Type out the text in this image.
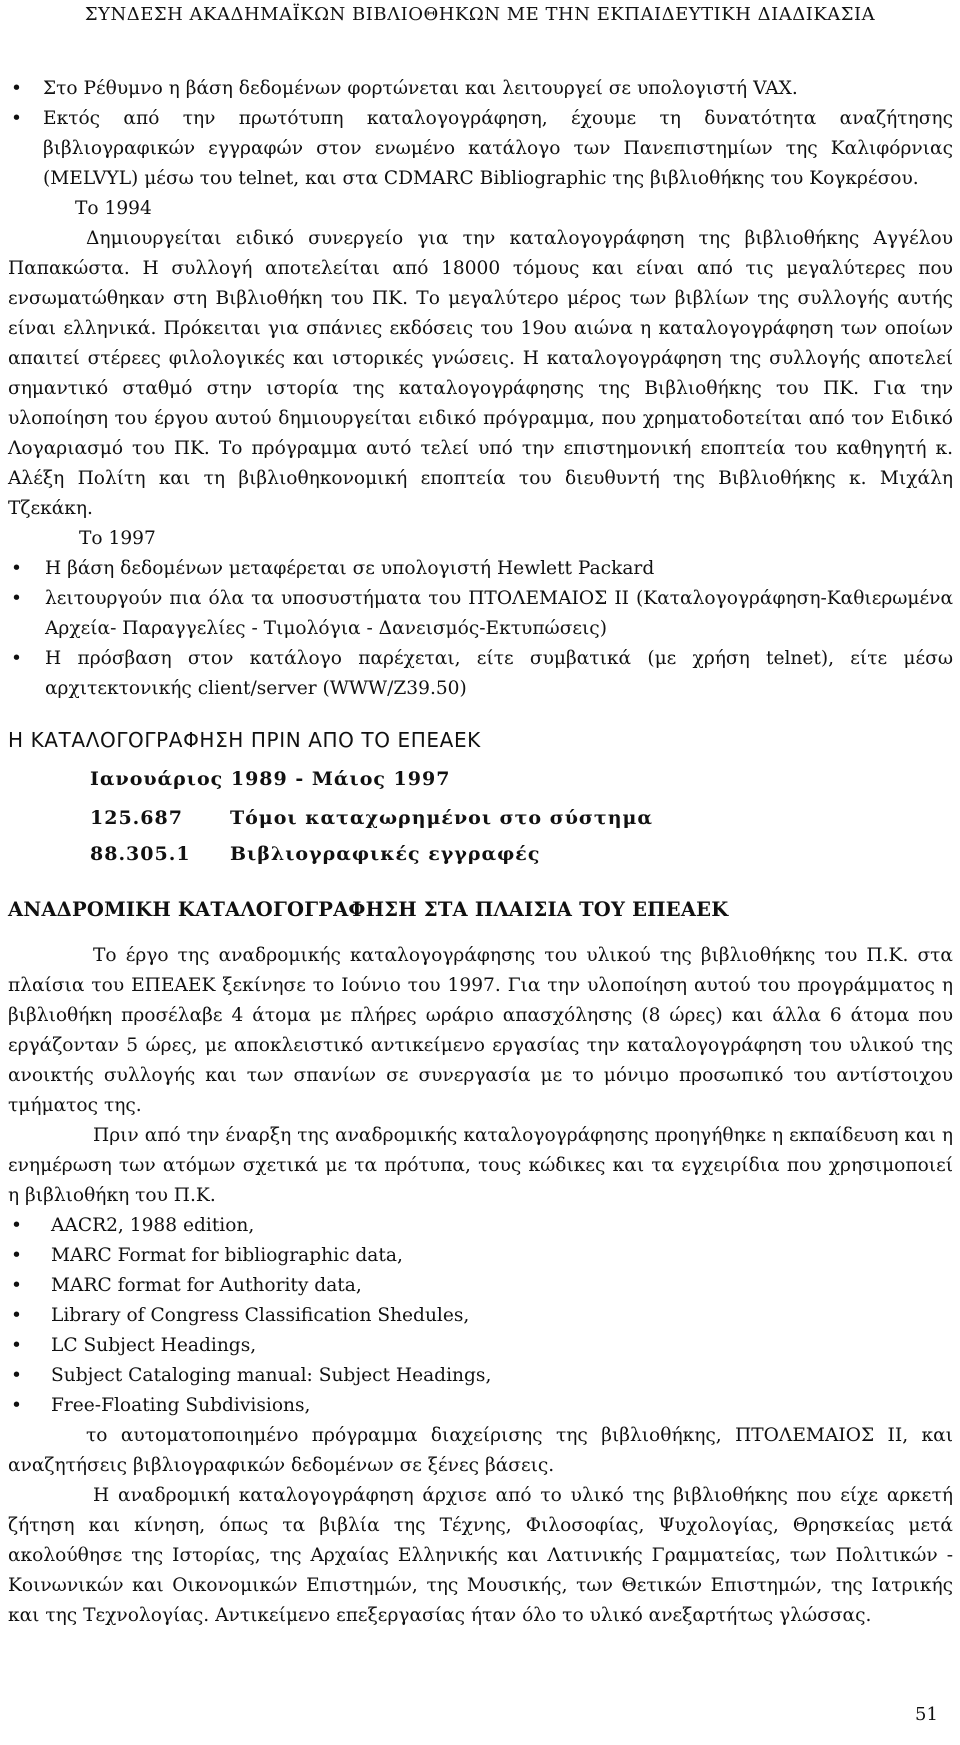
ΣΥΝΔΕΣΗ ΑΚΑΔΗΜΑΪΚΩΝ ΒΙΒΛΙΟΘΗΚΩΝ ΜΕ ΤΗΝ ΕΚΠΑΙΔΕΥΤΙΚΗ ΔΙΑΔΙΚΑΣΙΑ

• Στο Ρέθυμνο η βάση δεδομένων φορτώνεται και λειτουργεί σε υπολογιστή VAX.

• Εκτός από την πρωτότυπη καταλογογράφηση, έχουμε τη δυνατότητα αναζήτησης βιβλιογραφικών εγγραφών στον ενωμένο κατάλογο των Πανεπιστημίων της Καλιφόρνιας (MELVYL) μέσω του telnet, και στα CDMARC Bibliographic της βιβλιοθήκης του Κογκρέσου.

Το 1994

Δημιουργείται ειδικό συνεργείο για την καταλογογράφηση της βιβλιοθήκης Αγγέλου Παπακώστα. Η συλλογή αποτελείται από 18000 τόμους και είναι από τις μεγαλύτερες που ενσωματώθηκαν στη Βιβλιοθήκη του ΠΚ. Το μεγαλύτερο μέρος των βιβλίων της συλλογής αυτής είναι ελληνικά. Πρόκειται για σπάνιες εκδόσεις του 19ου αιώνα η καταλογογράφηση των οποίων απαιτεί στέρεες φιλολογικές και ιστορικές γνώσεις. Η καταλογογράφηση της συλλογής αποτελεί σημαντικό σταθμό στην ιστορία της καταλογογράφησης της Βιβλιοθήκης του ΠΚ. Για την υλοποίηση του έργου αυτού δημιουργείται ειδικό πρόγραμμα, που χρηματοδοτείται από τον Ειδικό Λογαριασμό του ΠΚ. Το πρόγραμμα αυτό τελεί υπό την επιστημονική εποπτεία του καθηγητή κ. Αλέξη Πολίτη και τη βιβλιοθηκονομική εποπτεία του διευθυντή της Βιβλιοθήκης κ. Μιχάλη Τζεκάκη.

Το 1997

• Η βάση δεδομένων μεταφέρεται σε υπολογιστή Hewlett Packard

• λειτουργούν πια όλα τα υποσυστήματα του ΠΤΟΛΕΜΑΙΟΣ ΙΙ (Καταλογογράφηση-Καθιερωμένα Αρχεία- Παραγγελίες - Τιμολόγια - Δανεισμός-Εκτυπώσεις)

• Η πρόσβαση στον κατάλογο παρέχεται, είτε συμβατικά (με χρήση telnet), είτε μέσω αρχιτεκτονικής client/server (WWW/Z39.50)

Η ΚΑΤΑΛΟΓΟΓΡΑΦΗΣΗ ΠΡΙΝ ΑΠΟ ΤΟ ΕΠΕΑΕΚ
Ιανουάριος 1989 - Μάιος 1997
125.687	Τόμοι καταχωρημένοι στο σύστημα
88.305.1	Βιβλιογραφικές εγγραφές
ΑΝΑΔΡΟΜΙΚΗ ΚΑΤΑΛΟΓΟΓΡΑΦΗΣΗ ΣΤΑ ΠΛΑΙΣΙΑ ΤΟΥ ΕΠΕΑΕΚ

Το έργο της αναδρομικής καταλογογράφησης του υλικού της βιβλιοθήκης του Π.Κ. στα πλαίσια του ΕΠΕΑΕΚ ξεκίνησε το Ιούνιο του 1997. Για την υλοποίηση αυτού του προγράμματος η βιβλιοθήκη προσέλαβε 4 άτομα με πλήρες ωράριο απασχόλησης (8 ώρες) και άλλα 6 άτομα που εργάζονταν 5 ώρες, με αποκλειστικό αντικείμενο εργασίας την καταλογογράφηση του υλικού της ανοικτής συλλογής και των σπανίων σε συνεργασία με το μόνιμο προσωπικό του αντίστοιχου τμήματος της.

Πριν από την έναρξη της αναδρομικής καταλογογράφησης προηγήθηκε η εκπαίδευση και η ενημέρωση των ατόμων σχετικά με τα πρότυπα, τους κώδικες και τα εγχειρίδια που χρησιμοποιεί η βιβλιοθήκη του Π.Κ.

• AACR2, 1988 edition,

• MARC Format for bibliographic data,

• MARC format for Authority data,

• Library of Congress Classification Shedules,

• LC Subject Headings,

• Subject Cataloging manual: Subject Headings,

• Free-Floating Subdivisions,

το αυτοματοποιημένο πρόγραμμα διαχείρισης της βιβλιοθήκης, ΠΤΟΛΕΜΑΙΟΣ ΙΙ, και αναζητήσεις βιβλιογραφικών δεδομένων σε ξένες βάσεις.

Η αναδρομική καταλογογράφηση άρχισε από το υλικό της βιβλιοθήκης που είχε αρκετή ζήτηση και κίνηση, όπως τα βιβλία της Τέχνης, Φιλοσοφίας, Ψυχολογίας, Θρησκείας μετά ακολούθησε της Ιστορίας, της Αρχαίας Ελληνικής και Λατινικής Γραμματείας, των Πολιτικών - Κοινωνικών και Οικονομικών Επιστημών, της Μουσικής, των Θετικών Επιστημών, της Ιατρικής και της Τεχνολογίας. Αντικείμενο επεξεργασίας ήταν όλο το υλικό ανεξαρτήτως γλώσσας.

51
